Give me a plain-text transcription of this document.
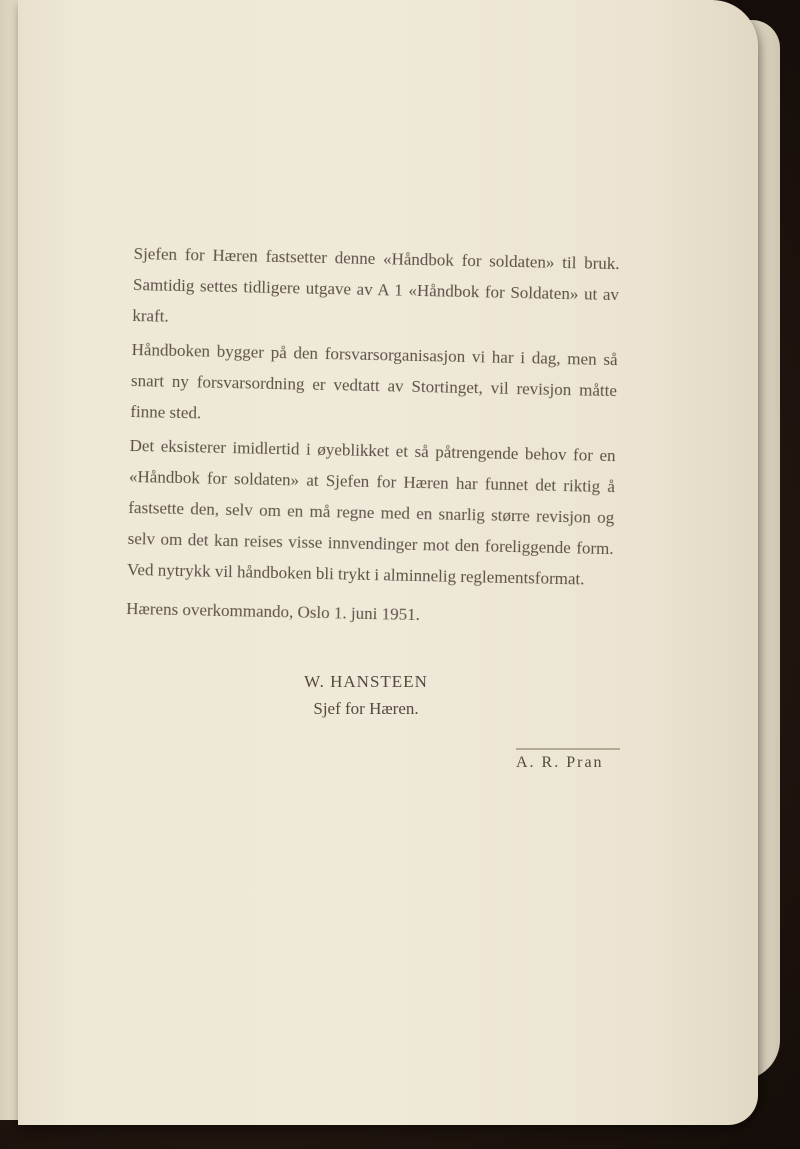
Sjefen for Hæren fastsetter denne «Håndbok for soldaten» til bruk. Samtidig settes tidligere utgave av A 1 «Håndbok for Soldaten» ut av kraft.

Håndboken bygger på den forsvarsorganisasjon vi har i dag, men så snart ny forsvarsordning er vedtatt av Stortinget, vil revisjon måtte finne sted.

Det eksisterer imidlertid i øyeblikket et så påtrengende behov for en «Håndbok for soldaten» at Sjefen for Hæren har funnet det riktig å fastsette den, selv om en må regne med en snarlig større revisjon og selv om det kan reises visse innvendinger mot den foreliggende form. Ved nytrykk vil håndboken bli trykt i alminnelig reglementsformat.

Hærens overkommando, Oslo 1. juni 1951.

W. HANSTEEN
Sjef for Hæren.
A. R. Pran
